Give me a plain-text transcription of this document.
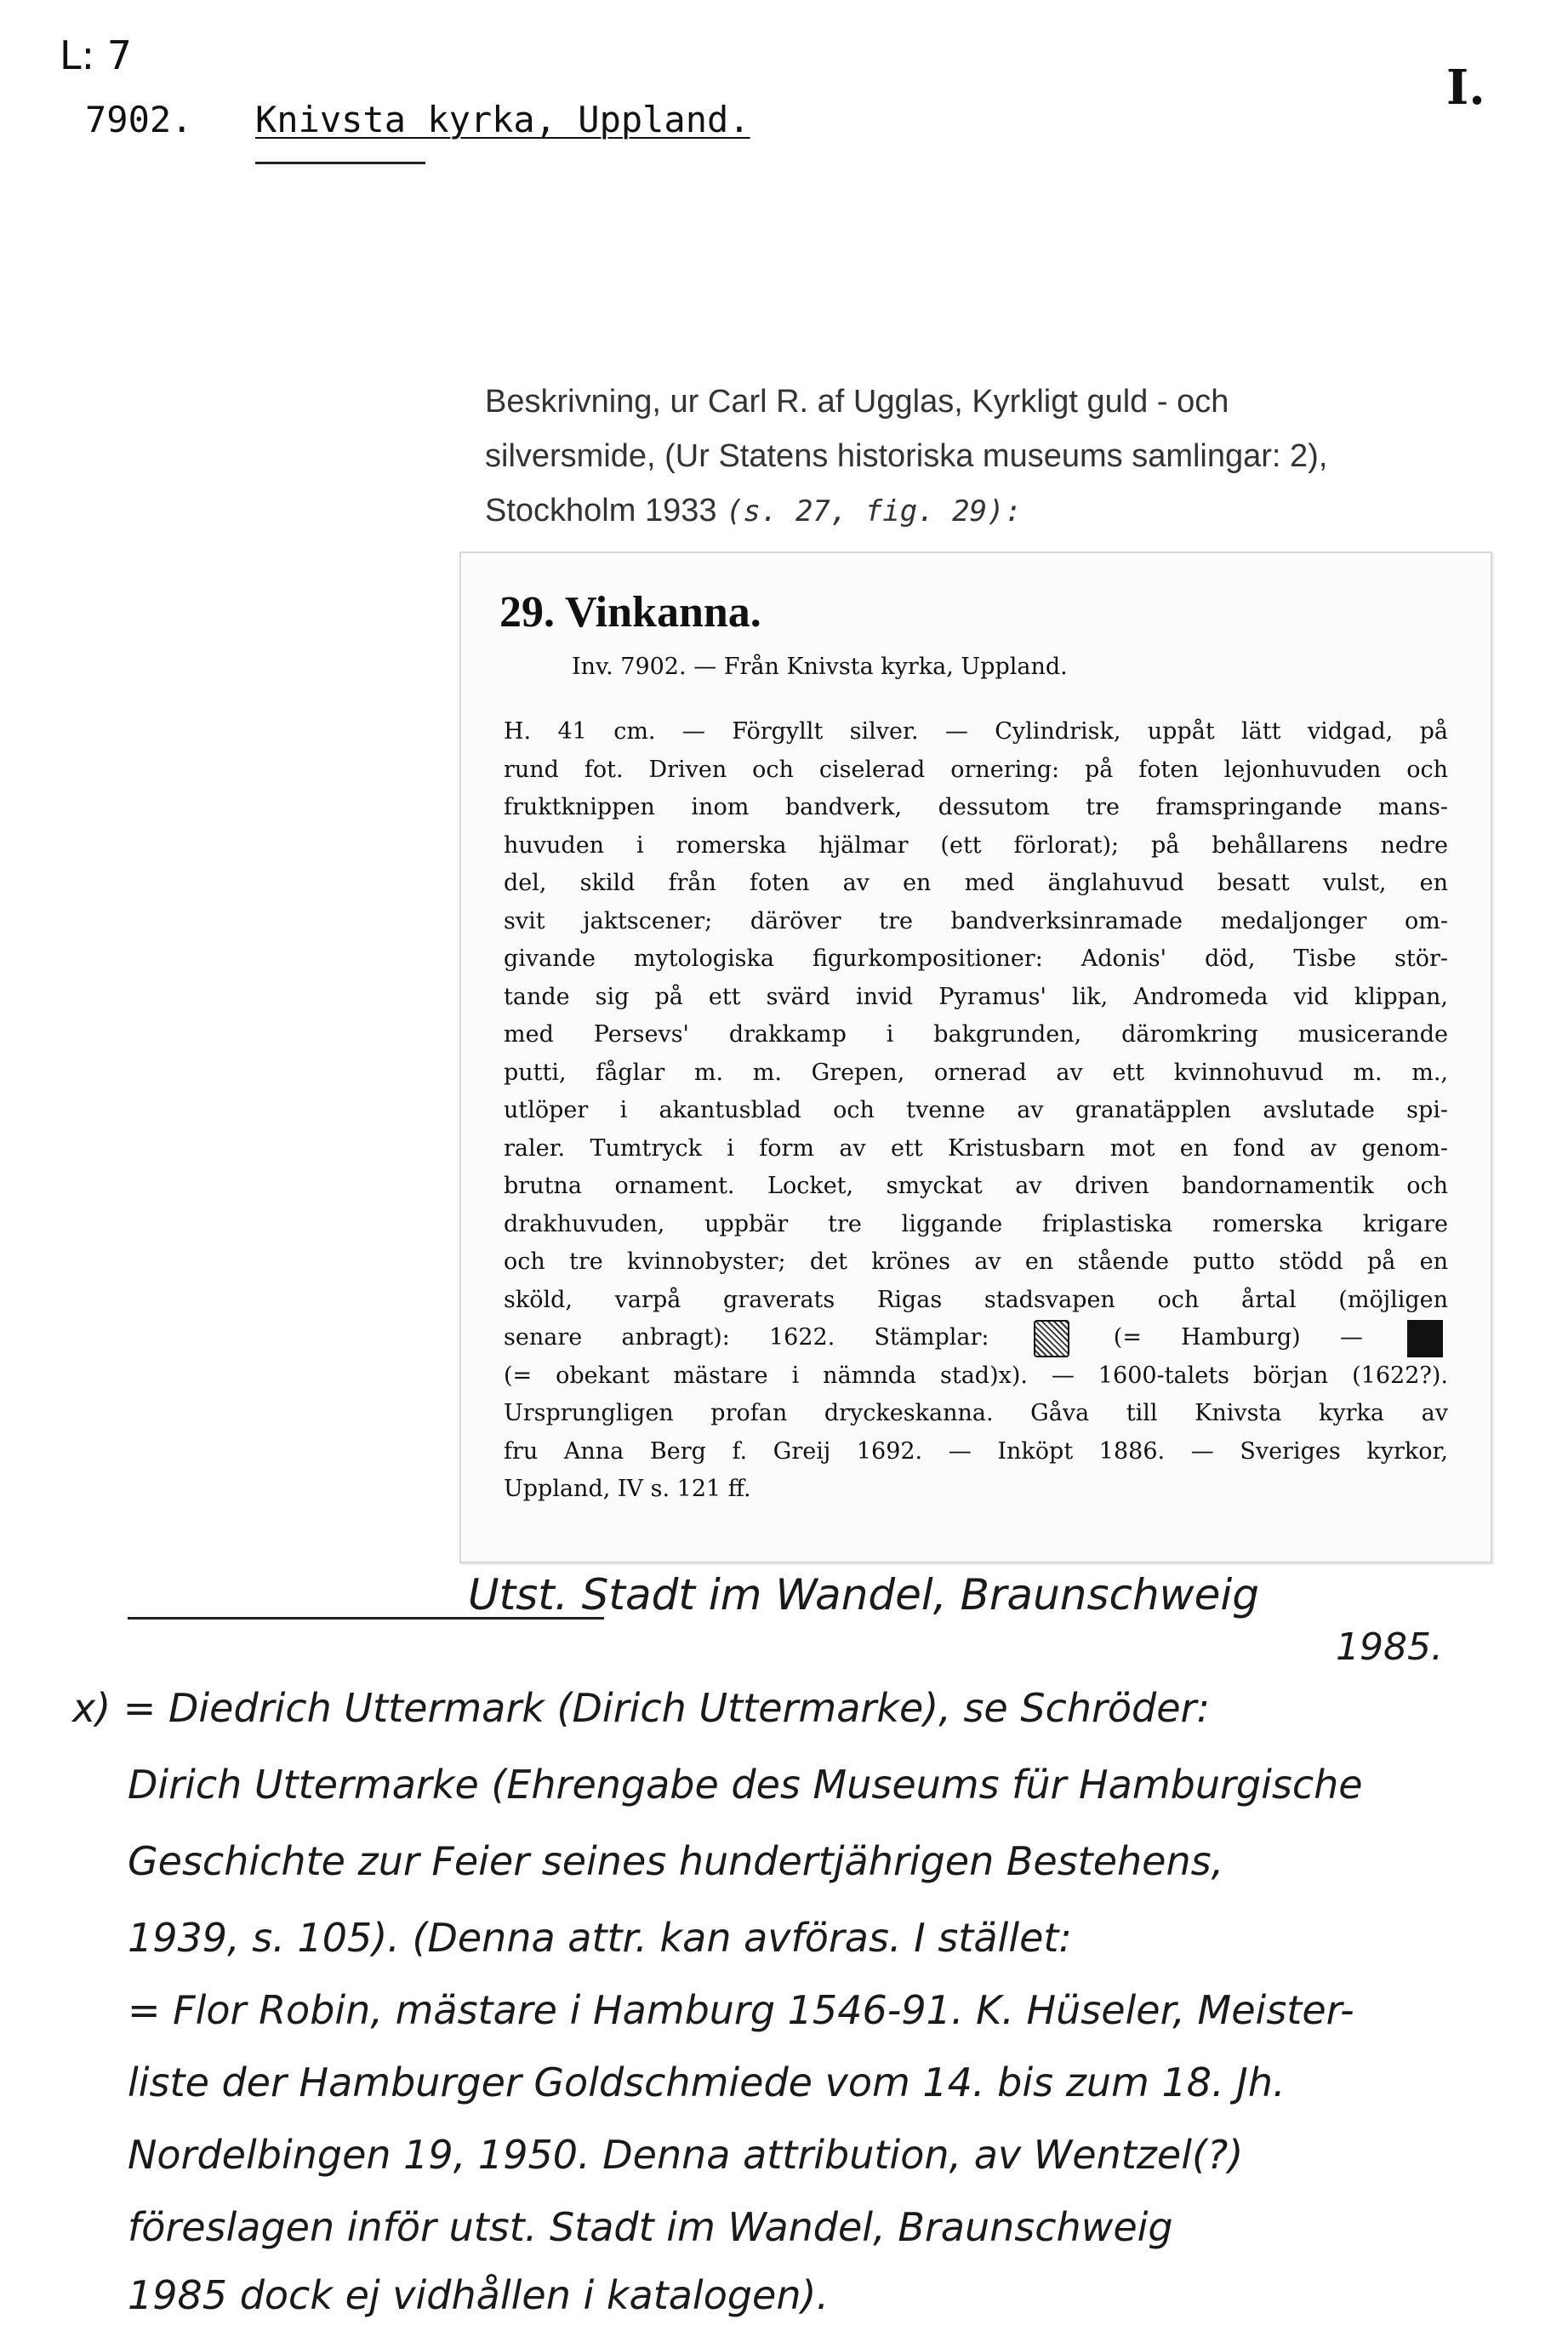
L: 7
7902. Knivsta kyrka, Uppland.
I.
Beskrivning, ur Carl R. af Ugglas, Kyrkligt guld - och
silversmide, (Ur Statens historiska museums samlingar: 2),
Stockholm 1933 (s. 27, fig. 29):
29. Vinkanna.
Inv. 7902. — Från Knivsta kyrka, Uppland.
H. 41 cm. — Förgyllt silver. — Cylindrisk, uppåt lätt vidgad, på
rund fot. Driven och ciselerad ornering: på foten lejonhuvuden och
fruktknippen inom bandverk, dessutom tre framspringande mans-
huvuden i romerska hjälmar (ett förlorat); på behållarens nedre
del, skild från foten av en med änglahuvud besatt vulst, en
svit jaktscener; däröver tre bandverksinramade medaljonger om-
givande mytologiska figurkompositioner: Adonis' död, Tisbe stör-
tande sig på ett svärd invid Pyramus' lik, Andromeda vid klippan,
med Persevs' drakkamp i bakgrunden, däromkring musicerande
putti, fåglar m. m. Grepen, ornerad av ett kvinnohuvud m. m.,
utlöper i akantusblad och tvenne av granatäpplen avslutade spi-
raler. Tumtryck i form av ett Kristusbarn mot en fond av genom-
brutna ornament. Locket, smyckat av driven bandornamentik och
drakhuvuden, uppbär tre liggande friplastiska romerska krigare
och tre kvinnobyster; det krönes av en stående putto stödd på en
sköld, varpå graverats Rigas stadsvapen och årtal (möjligen
senare anbragt): 1622. Stämplar:	(= Hamburg) —
(= obekant mästare i nämnda stad)x). — 1600-talets början (1622?).
Ursprungligen profan dryckeskanna. Gåva till Knivsta kyrka av
fru Anna Berg f. Greij 1692. — Inköpt 1886. — Sveriges kyrkor,
Uppland, IV s. 121 ff.
Utst. Stadt im Wandel, Braunschweig
1985.
x) = Diedrich Uttermark (Dirich Uttermarke), se Schröder:
Dirich Uttermarke (Ehrengabe des Museums für Hamburgische
Geschichte zur Feier seines hundertjährigen Bestehens,
1939, s. 105). (Denna attr. kan avföras. I stället:
= Flor Robin, mästare i Hamburg 1546-91. K. Hüseler, Meister-
liste der Hamburger Goldschmiede vom 14. bis zum 18. Jh.
Nordelbingen 19, 1950. Denna attribution, av Wentzel(?)
föreslagen inför utst. Stadt im Wandel, Braunschweig
1985 dock ej vidhållen i katalogen).
